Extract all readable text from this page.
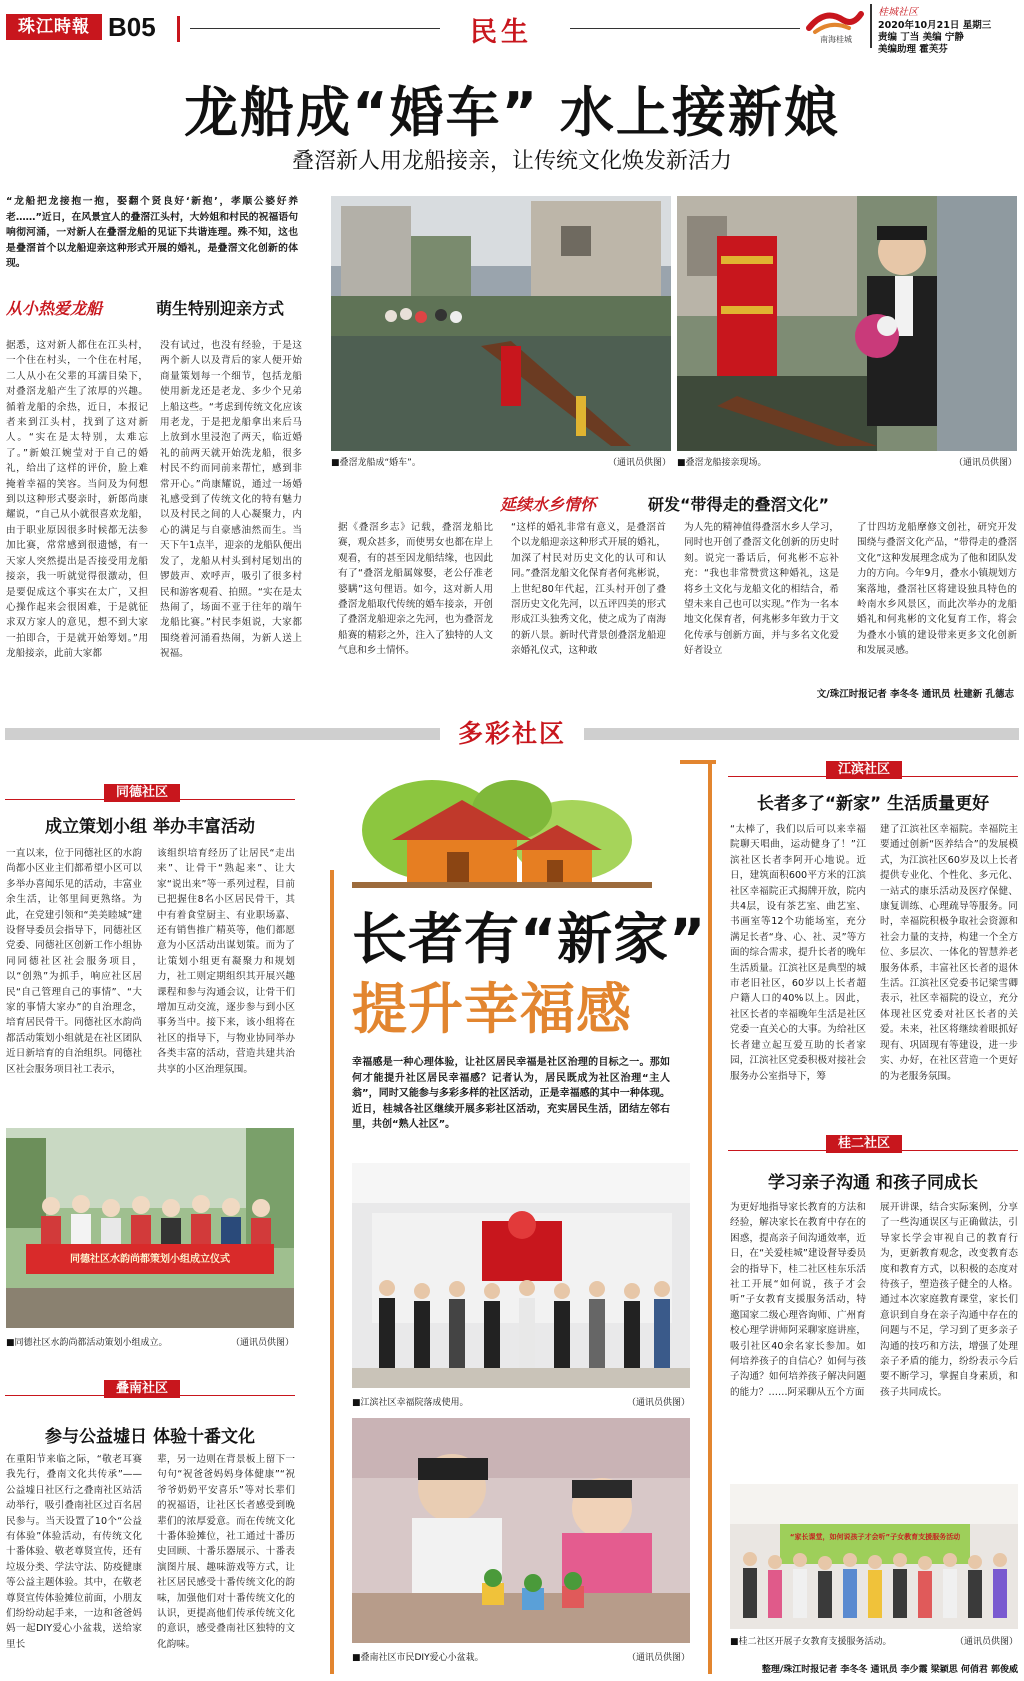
珠江時報 B05	民生	南海桂城
桂城社区
2020年10月21日 星期三
责编 丁当 美编 宁静
美编助理 霍芙芬
龙船成“婚车” 水上接新娘
叠滘新人用龙船接亲，让传统文化焕发新活力
“龙船把龙接抱一抱，娶翻个贤良好‘新抱’，孝顺公婆好养老……”近日，在风景宜人的叠滘江头村，大妗姐和村民的祝福语句响彻河涌，一对新人在叠滘龙船的见证下共谐连理。殊不知，这也是叠滘首个以龙船迎亲这种形式开展的婚礼，是叠滘文化创新的体现。
从小热爱龙船	萌生特别迎亲方式
据悉，这对新人都住在江头村，一个住在村头，一个住在村尾，二人从小在父辈的耳濡目染下，对叠滘龙船产生了浓厚的兴趣。循着龙船的余热，近日，本报记者来到江头村，找到了这对新人。“实在是太特别，太难忘了。”新娘江婉莹对于自己的婚礼，给出了这样的评价，脸上难掩着幸福的笑容。当问及为何想到以这种形式娶亲时，新郎尚康耀说，“自己从小就很喜欢龙船，由于职业原因很多时候都无法参加比赛，常常感到很遗憾，有一天家人突然提出是否接受用龙船接亲，我一听就觉得很激动，但是要促成这个事实在太广，又担心操作起来会很困难，于是就征求双方家人的意见，想不到大家一拍即合，于是就开始筹划。”用龙船接亲，此前大家都
没有试过，也没有经验，于是这两个新人以及背后的家人便开始商量策划每一个细节，包括龙船使用新龙还是老龙、多少个兄弟上船这些。“考虑到传统文化应该用老龙，于是把龙船拿出来后马上放到水里浸泡了两天，临近婚礼的前两天就开始洗龙船，很多村民不约而同前来帮忙，感到非常开心。”尚康耀说，通过一场婚礼感受到了传统文化的特有魅力以及村民之间的人心凝聚力，内心的满足与自豪感油然而生。当天下午1点半，迎亲的龙船队便出发了，龙船从村头到村尾划出的锣鼓声、欢呼声，吸引了很多村民和游客观看、拍照。“实在是太热闹了，场面不亚于往年的端午龙船比赛。”村民李姐说，大家都围绕着河涌看热闹，为新人送上祝福。
■叠滘龙船成“婚车”。	（通讯员供图） ■叠滘龙船接亲现场。	（通讯员供图）
延续水乡情怀	研发“带得走的叠滘文化”
据《叠滘乡志》记载，叠滘龙船比赛，观众甚多，而使男女也都在岸上观看，有的甚至因龙船结缘，也因此有了“叠滘龙船属嫁娶，老公仔准老婆瞒”这句俚语。如今，这对新人用叠滘龙船取代传统的婚车接亲，开创了叠滘龙船迎亲之先河，也为叠滘龙船赛的精彩之外，注入了独特的人文气息和乡土情怀。
“这样的婚礼非常有意义，是叠滘首个以龙船迎亲这种形式开展的婚礼，加深了村民对历史文化的认可和认同。”叠滘龙船文化保育者何兆彬说，上世纪80年代起，江头村开创了叠滘历史文化先河，以五评四美的形式形成江头独秀文化，使之成为了南海的新八景。新时代背景创叠滘龙船迎亲婚礼仪式，这种敢
为人先的精神值得叠滘水乡人学习，同时也开创了叠滘文化创新的历史时刻。说完一番话后，何兆彬不忘补充：“我也非常赞赏这种婚礼，这是将乡土文化与龙船文化的相结合，希望未来自己也可以实现。”作为一名本地文化保育者，何兆彬多年致力于文化传承与创新方面，并与多名文化爱好者设立
了廿四坊龙船摩修文创社，研究开发围绕与叠滘文化产品，“带得走的叠滘文化”这种发展理念成为了他和团队发力的方向。今年9月，叠水小镇规划方案落地，叠滘社区将建设独具特色的岭南水乡风景区，而此次举办的龙船婚礼和何兆彬的文化复育工作，将会为叠水小镇的建设带来更多文化创新和发展灵感。
文/珠江时报记者 李冬冬 通讯员 杜建新 孔德志
多彩社区
同德社区
成立策划小组 举办丰富活动
一直以来，位于同德社区的水韵尚都小区业主们都希望小区可以多举办喜闻乐见的活动，丰富业余生活，让邻里间更熟络。为此，在党建引领和“美美睦城”建设督导委员会指导下，同德社区党委、同德社区创新工作小组协同同德社区社会服务项目，以“创熟”为抓手，响应社区居民“自己管理自己的事情”、“大家的事情大家办”的自治理念，培育居民骨干。同德社区水韵尚都活动策划小组就是在社区团队近日新培育的自治组织。同德社区社会服务项目社工表示，
该组织培育经历了让居民“走出来”、让骨干“熟起来”、让大家“说出来”等一系列过程，目前已把握住8名小区居民骨干，其中有着食堂厨主、有业职场嘉、还有销售推广精英等，他们都愿意为小区活动出谋划策。而为了让策划小组更有凝聚力和规划力，社工则定期组织其开展兴趣课程和参与沟通会议，让骨干们增加互动交流，逐步参与到小区事务当中。接下来，该小组将在社区的指导下，与物业协同举办各类丰富的活动，营造共建共治共享的小区治理氛围。
同德社区水韵尚都策划小组成立仪式
■同德社区水韵尚都活动策划小组成立。	（通讯员供图）
叠南社区
参与公益墟日 体验十番文化
在重阳节来临之际，“敬老耳赛我先行，叠南文化共传承”——公益墟日社区行之叠南社区站活动举行，吸引叠南社区过百名居民参与。当天设置了10个“公益有体验”体验活动，有传统文化十番体验、敬老尊贤宣传，还有垃圾分类、学法守法、防疫健康等公益主题体验。其中，在敬老尊贤宣传体验摊位前面，小朋友们纷纷动起手来，一边和爸爸妈妈一起DIY爱心小盆栽，送给家里长
辈，另一边则在背景板上留下一句句“祝爸爸妈妈身体健康”“祝爷爷奶奶平安喜乐”等对长辈们的祝福语，让社区长者感受到晚辈们的浓厚爱意。而在传统文化十番体验摊位，社工通过十番历史回顾、十番乐器展示、十番表演图片展、趣味游戏等方式，让社区居民感受十番传统文化的韵味，加强他们对十番传统文化的认识，更提高他们传承传统文化的意识，感受叠南社区独特的文化韵味。
长者有“新家”
提升幸福感
幸福感是一种心理体验，让社区居民幸福是社区治理的目标之一。那如何才能提升社区居民幸福感？记者认为，居民既成为社区治理“主人翁”，同时又能参与多彩多样的社区活动，正是幸福感的其中一种体现。近日，桂城各社区继续开展多彩社区活动，充实居民生活，团结左邻右里，共创“熟人社区”。
■江滨社区幸福院落成使用。	（通讯员供图）
■叠南社区市民DIY爱心小盆栽。	（通讯员供图）
江滨社区
长者多了“新家” 生活质量更好
“太棒了，我们以后可以来幸福院聊天唱曲，运动健身了！”江滨社区长者李阿开心地说。近日，建筑面积600平方米的江滨社区幸福院正式揭牌开放，院内共4层，设有茶艺室、曲艺室、书画室等12个功能场室，充分满足长者“身、心、社、灵”等方面的综合需求，提升长者的晚年生活质量。江滨社区是典型的城市老旧社区，60岁以上长者超户籍人口的40%以上。因此，社区长者的幸福晚年生活是社区党委一直关心的大事。为给社区长者建立起互爱互助的长者家园，江滨社区党委积极对接社会服务办公室指导下，筹
建了江滨社区幸福院。幸福院主要通过创新“医养结合”的发展模式，为江滨社区60岁及以上长者提供专业化、个性化、多元化、一站式的康乐活动及医疗保健、康复训练、心理疏导等服务。同时，幸福院积极争取社会资源和社会力量的支持，构建一个全方位、多层次、一体化的智慧养老服务体系，丰富社区长者的退休生活。江滨社区党委书记梁雪卿表示，社区幸福院的设立，充分体现社区党委对社区长者的关爱。未来，社区将继续着眼抓好现有、巩固现有等建设，进一步实、办好，在社区营造一个更好的为老服务氛围。
桂二社区
学习亲子沟通 和孩子同成长
为更好地指导家长教育的方法和经验，解决家长在教育中存在的困惑，提高亲子间沟通效率，近日，在“关爱桂城”建设督导委员会的指导下，桂二社区桂东乐活社工开展“如何说，孩子才会听”子女教育支援服务活动，特邀国家二级心理咨询师、广州育校心理学讲师阿采聊家庭讲座，吸引社区40余名家长参加。如何培养孩子的自信心？如何与孩子沟通？如何培养孩子解决问题的能力？……阿采聊从五个方面
展开讲课，结合实际案例，分享了一些沟通误区与正确做法，引导家长学会审视自己的教育行为，更新教育观念，改变教育态度和教育方式，以积极的态度对待孩子，塑造孩子健全的人格。通过本次家庭教育课堂，家长们意识到自身在亲子沟通中存在的问题与不足，学习到了更多亲子沟通的技巧和方法，增强了处理亲子矛盾的能力，纷纷表示今后要不断学习，掌握自身素质，和孩子共同成长。
“家长课堂，如何说孩子才会听”子女教育支援服务活动
■桂二社区开展子女教育支援服务活动。	（通讯员供图）
整理/珠江时报记者 李冬冬 通讯员 李少霞 梁颖思 何俏君 郭俊威
